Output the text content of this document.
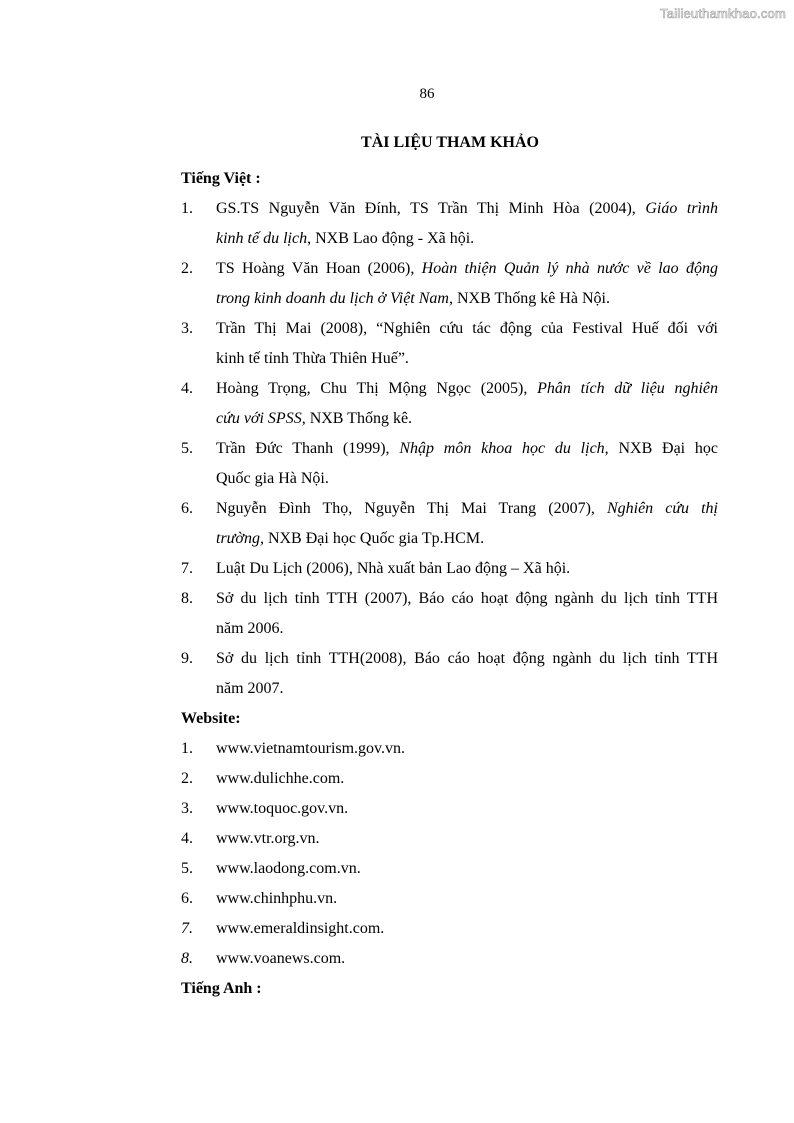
Tailieuthamkhao.com
86
TÀI LIỆU THAM KHẢO
Tiếng Việt :
1.	GS.TS Nguyễn Văn Đính, TS Trần Thị Minh Hòa (2004), Giáo trình
kinh tế du lịch, NXB Lao động - Xã hội.
2.	TS Hoàng Văn Hoan (2006), Hoàn thiện Quản lý nhà nước về lao động
trong kinh doanh du lịch ở Việt Nam, NXB Thống kê Hà Nội.
3.	Trần Thị Mai (2008), “Nghiên cứu tác động của Festival Huế đối với
kinh tế tỉnh Thừa Thiên Huế”.
4.	Hoàng Trọng, Chu Thị Mộng Ngọc (2005), Phân tích dữ liệu nghiên
cứu với SPSS, NXB Thống kê.
5.	Trần Đức Thanh (1999), Nhập môn khoa học du lịch, NXB Đại học
Quốc gia Hà Nội.
6.	Nguyễn Đình Thọ, Nguyễn Thị Mai Trang (2007), Nghiên cứu thị
trường, NXB Đại học Quốc gia Tp.HCM.
7.	Luật Du Lịch (2006), Nhà xuất bản Lao động – Xã hội.
8.	Sở du lịch tỉnh TTH (2007), Báo cáo hoạt động ngành du lịch tỉnh TTH
năm 2006.
9.	Sở du lịch tỉnh TTH(2008), Báo cáo hoạt động ngành du lịch tỉnh TTH
năm 2007.
Website:
1.	www.vietnamtourism.gov.vn.
2.	www.dulichhe.com.
3.	www.toquoc.gov.vn.
4.	www.vtr.org.vn.
5.	www.laodong.com.vn.
6.	www.chinhphu.vn.
7.	www.emeraldinsight.com.
8.	www.voanews.com.
Tiếng Anh :
